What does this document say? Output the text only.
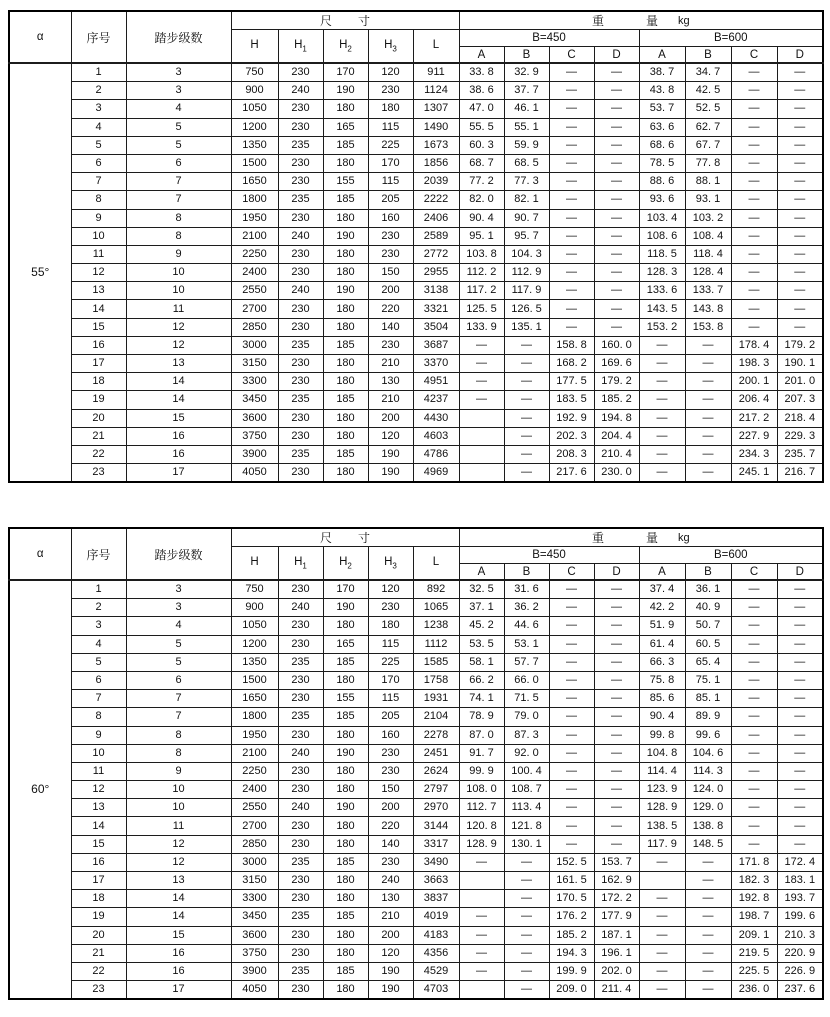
α	序号	踏步级数	尺 寸					重 量 kg							

			H	$H_1$	$H_2$	$H_3$	L	B=450				B=600			
								A	B	C	D	A	B	C	D
55°	1	3	750	230	170	120	911	33. 8	32. 9	—	—	38. 7	34. 7	—	—
	2	3	900	240	190	230	1124	38. 6	37. 7	—	—	43. 8	42. 5	—	—
	3	4	1050	230	180	180	1307	47. 0	46. 1	—	—	53. 7	52. 5	—	—
	4	5	1200	230	165	115	1490	55. 5	55. 1	—	—	63. 6	62. 7	—	—
	5	5	1350	235	185	225	1673	60. 3	59. 9	—	—	68. 6	67. 7	—	—
	6	6	1500	230	180	170	1856	68. 7	68. 5	—	—	78. 5	77. 8	—	—
	7	7	1650	230	155	115	2039	77. 2	77. 3	—	—	88. 6	88. 1	—	—
	8	7	1800	235	185	205	2222	82. 0	82. 1	—	—	93. 6	93. 1	—	—
	9	8	1950	230	180	160	2406	90. 4	90. 7	—	—	103. 4	103. 2	—	—
	10	8	2100	240	190	230	2589	95. 1	95. 7	—	—	108. 6	108. 4	—	—
	11	9	2250	230	180	230	2772	103. 8	104. 3	—	—	118. 5	118. 4	—	—
	12	10	2400	230	180	150	2955	112. 2	112. 9	—	—	128. 3	128. 4	—	—
	13	10	2550	240	190	200	3138	117. 2	117. 9	—	—	133. 6	133. 7	—	—
	14	11	2700	230	180	220	3321	125. 5	126. 5	—	—	143. 5	143. 8	—	—
	15	12	2850	230	180	140	3504	133. 9	135. 1	—	—	153. 2	153. 8	—	—
	16	12	3000	235	185	230	3687	—	—	158. 8	160. 0	—	—	178. 4	179. 2
	17	13	3150	230	180	210	3370	—	—	168. 2	169. 6	—	—	198. 3	190. 1
	18	14	3300	230	180	130	4951	—	—	177. 5	179. 2	—	—	200. 1	201. 0
	19	14	3450	235	185	210	4237	—	—	183. 5	185. 2	—	—	206. 4	207. 3
	20	15	3600	230	180	200	4430		—	192. 9	194. 8	—	—	217. 2	218. 4
	21	16	3750	230	180	120	4603		—	202. 3	204. 4	—	—	227. 9	229. 3
	22	16	3900	235	185	190	4786		—	208. 3	210. 4	—	—	234. 3	235. 7
	23	17	4050	230	180	190	4969		—	217. 6	230. 0	—	—	245. 1	216. 7
α	序号	踏步级数	尺 寸					重 量 kg							

			H	$H_1$	$H_2$	$H_3$	L	B=450				B=600			
								A	B	C	D	A	B	C	D
60°	1	3	750	230	170	120	892	32. 5	31. 6	—	—	37. 4	36. 1	—	—
	2	3	900	240	190	230	1065	37. 1	36. 2	—	—	42. 2	40. 9	—	—
	3	4	1050	230	180	180	1238	45. 2	44. 6	—	—	51. 9	50. 7	—	—
	4	5	1200	230	165	115	1112	53. 5	53. 1	—	—	61. 4	60. 5	—	—
	5	5	1350	235	185	225	1585	58. 1	57. 7	—	—	66. 3	65. 4	—	—
	6	6	1500	230	180	170	1758	66. 2	66. 0	—	—	75. 8	75. 1	—	—
	7	7	1650	230	155	115	1931	74. 1	71. 5	—	—	85. 6	85. 1	—	—
	8	7	1800	235	185	205	2104	78. 9	79. 0	—	—	90. 4	89. 9	—	—
	9	8	1950	230	180	160	2278	87. 0	87. 3	—	—	99. 8	99. 6	—	—
	10	8	2100	240	190	230	2451	91. 7	92. 0	—	—	104. 8	104. 6	—	—
	11	9	2250	230	180	230	2624	99. 9	100. 4	—	—	114. 4	114. 3	—	—
	12	10	2400	230	180	150	2797	108. 0	108. 7	—	—	123. 9	124. 0	—	—
	13	10	2550	240	190	200	2970	112. 7	113. 4	—	—	128. 9	129. 0	—	—
	14	11	2700	230	180	220	3144	120. 8	121. 8	—	—	138. 5	138. 8	—	—
	15	12	2850	230	180	140	3317	128. 9	130. 1	—	—	117. 9	148. 5	—	—
	16	12	3000	235	185	230	3490	—	—	152. 5	153. 7	—	—	171. 8	172. 4
	17	13	3150	230	180	240	3663		—	161. 5	162. 9		—	182. 3	183. 1
	18	14	3300	230	180	130	3837		—	170. 5	172. 2	—	—	192. 8	193. 7
	19	14	3450	235	185	210	4019	—	—	176. 2	177. 9	—	—	198. 7	199. 6
	20	15	3600	230	180	200	4183	—	—	185. 2	187. 1	—	—	209. 1	210. 3
	21	16	3750	230	180	120	4356	—	—	194. 3	196. 1	—	—	219. 5	220. 9
	22	16	3900	235	185	190	4529	—	—	199. 9	202. 0	—	—	225. 5	226. 9
	23	17	4050	230	180	190	4703		—	209. 0	211. 4	—	—	236. 0	237. 6
